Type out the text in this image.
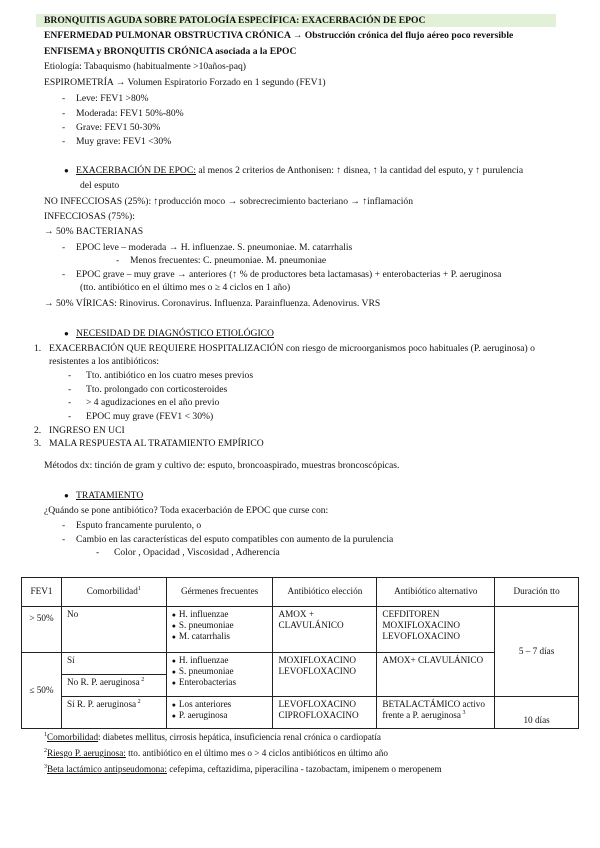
BRONQUITIS AGUDA SOBRE PATOLOGÍA ESPECÍFICA: EXACERBACIÓN DE EPOC
ENFERMEDAD PULMONAR OBSTRUCTIVA CRÓNICA → Obstrucción crónica del flujo aéreo poco reversible
ENFISEMA y BRONQUITIS CRÓNICA asociada a la EPOC
Etiología: Tabaquismo (habitualmente >10años-paq)
ESPIROMETRÍA → Volumen Espiratorio Forzado en 1 segundo (FEV1)
- Leve: FEV1 >80%
- Moderada: FEV1 50%-80%
- Grave: FEV1 50-30%
- Muy grave: FEV1 <30%
● EXACERBACIÓN DE EPOC: al menos 2 criterios de Anthonisen: ↑ disnea, ↑ la cantidad del esputo, y ↑ purulencia
del esputo
NO INFECCIOSAS (25%): ↑producción moco → sobrecrecimiento bacteriano → ↑inflamación
INFECCIOSAS (75%):
→ 50% BACTERIANAS
- EPOC leve – moderada → H. influenzae. S. pneumoniae. M. catarrhalis
- Menos frecuentes: C. pneumoniae. M. pneumoniae
- EPOC grave – muy grave → anteriores (↑ % de productores beta lactamasas) + enterobacterias + P. aeruginosa
(tto. antibiótico en el último mes o ≥ 4 ciclos en 1 año)
→ 50% VÍRICAS: Rinovirus. Coronavirus. Influenza. Parainfluenza. Adenovirus. VRS
● NECESIDAD DE DIAGNÓSTICO ETIOLÓGICO
1. EXACERBACIÓN QUE REQUIERE HOSPITALIZACIÓN con riesgo de microorganismos poco habituales (P. aeruginosa) o
resistentes a los antibióticos:
- Tto. antibiótico en los cuatro meses previos
- Tto. prolongado con corticosteroides
- > 4 agudizaciones en el año previo
- EPOC muy grave (FEV1 < 30%)
2. INGRESO EN UCI
3. MALA RESPUESTA AL TRATAMIENTO EMPÍRICO
Métodos dx: tinción de gram y cultivo de: esputo, broncoaspirado, muestras broncoscópicas.
● TRATAMIENTO
¿Quándo se pone antibiótico? Toda exacerbación de EPOC que curse con:
- Esputo francamente purulento, o
- Cambio en las características del esputo compatibles con aumento de la purulencia
- Color , Opacidad , Viscosidad , Adherencia
FEV1	Comorbilidad$^1$	Gérmenes frecuentes	Antibiótico elección	Antibiótico alternativo	Duración tto
> 50%	No	● H. influenzae
● S. pneumoniae
● M. catarrhalis	AMOX +
CLAVULÁNICO	CEFDITOREN
MOXIFLOXACINO
LEVOFLOXACINO	5 – 7 días
≤ 50%	Sí	● H. influenzae
● S. pneumoniae
● Enterobacterias	MOXIFLOXACINO
LEVOFLOXACINO	AMOX+ CLAVULÁNICO	

	No R. P. aeruginosa $^2$
	Sí R. P. aeruginosa $^2$	● Los anteriores
● P. aeruginosa	LEVOFLOXACINO
CIPROFLOXACINO	BETALACTÁMICO activo
frente a P. aeruginosa $^3$	10 días
$^1$Comorbilidad: diabetes mellitus, cirrosis hepática, insuficiencia renal crónica o cardiopatía
$^2$Riesgo P. aeruginosa: tto. antibiótico en el último mes o > 4 ciclos antibióticos en último año
$^3$Beta lactámico antipseudomona: cefepima, ceftazidima, piperacilina - tazobactam, imipenem o meropenem
